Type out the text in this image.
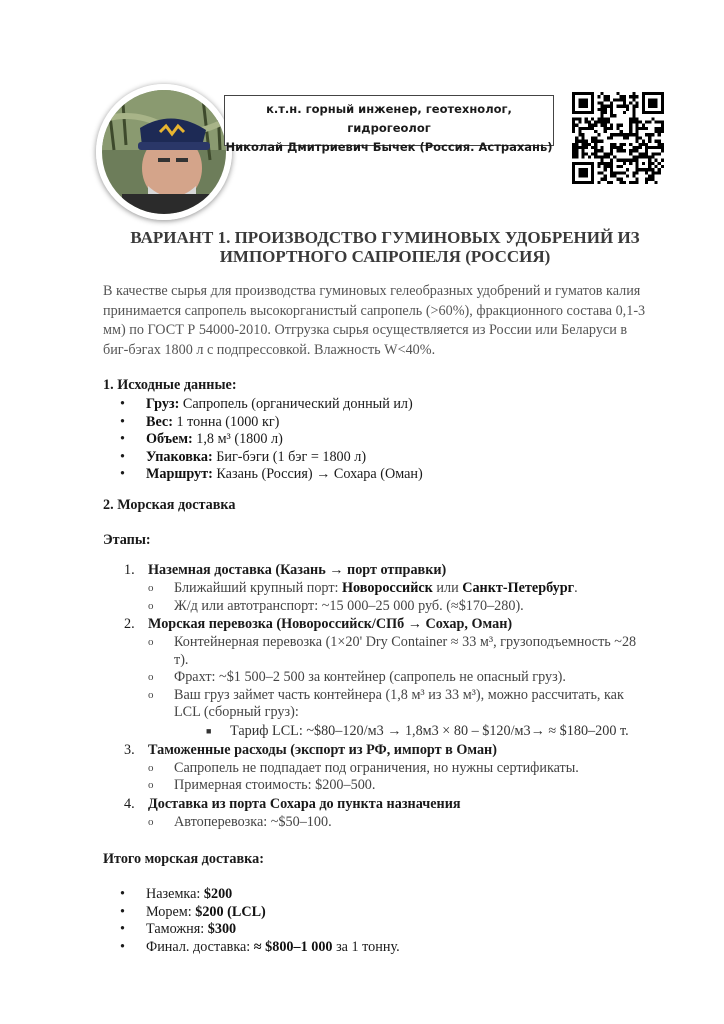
к.т.н. горный инженер, геотехнолог, гидрогеолог
Николай Дмитриевич Бычек (Россия. Астрахань)
ВАРИАНТ 1. ПРОИЗВОДСТВО ГУМИНОВЫХ УДОБРЕНИЙ ИЗ
ИМПОРТНОГО САПРОПЕЛЯ (РОССИЯ)
В качестве сырья для производства гуминовых гелеобразных удобрений и гуматов калия
принимается сапропель высокорганистый сапропель (>60%), фракционного состава 0,1-3
мм) по ГОСТ Р 54000-2010. Отгрузка сырья осуществляется из России или Беларуси в
биг-бэгах 1800 л с подпрессовкой. Влажность W<40%.
1. Исходные данные:
• Груз: Сапропель (органический донный ил)
• Вес: 1 тонна (1000 кг)
• Объем: 1,8 м³ (1800 л)
• Упаковка: Биг-бэги (1 бэг = 1800 л)
• Маршрут: Казань (Россия) → Сохара (Оман)
2. Морская доставка
Этапы:
1. Наземная доставка (Казань → порт отправки)
o Ближайший крупный порт: Новороссийск или Санкт-Петербург.
o Ж/д или автотранспорт: ~15 000–25 000 руб. (≈$170–280).
2. Морская перевозка (Новороссийск/СПб → Сохар, Оман)
o Контейнерная перевозка (1×20' Dry Container ≈ 33 м³, грузоподъемность ~28
т).
o Фрахт: ~$1 500–2 500 за контейнер (сапропель не опасный груз).
o Ваш груз займет часть контейнера (1,8 м³ из 33 м³), можно рассчитать, как
LCL (сборный груз):
■ Тариф LCL: ~$80–120/м3 → 1,8м3 × 80 – $120/м3→ ≈ $180–200 т.
3. Таможенные расходы (экспорт из РФ, импорт в Оман)
o Сапропель не подпадает под ограничения, но нужны сертификаты.
o Примерная стоимость: $200–500.
4. Доставка из порта Сохара до пункта назначения
o Автоперевозка: ~$50–100.
Итого морская доставка:
• Наземка: $200
• Морем: $200 (LCL)
• Таможня: $300
• Финал. доставка: ≈ $800–1 000 за 1 тонну.
